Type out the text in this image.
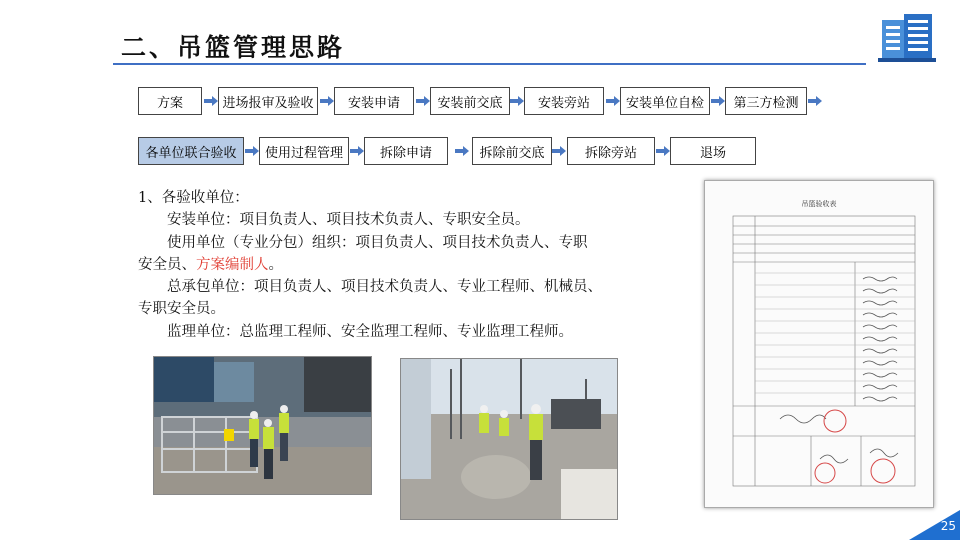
二、吊篮管理思路
方案	进场报审及验收	安装申请	安装前交底	安装旁站	安装单位自检	第三方检测
各单位联合验收	使用过程管理	拆除申请	拆除前交底	拆除旁站	退场

1、各验收单位：

安装单位：项目负责人、项目技术负责人、专职安全员。

使用单位（专业分包）组织：项目负责人、项目技术负责人、专职

安全员、方案编制人。

总承包单位：项目负责人、项目技术负责人、专业工程师、机械员、

专职安全员。

监理单位：总监理工程师、安全监理工程师、专业监理工程师。

吊篮验收表
25
